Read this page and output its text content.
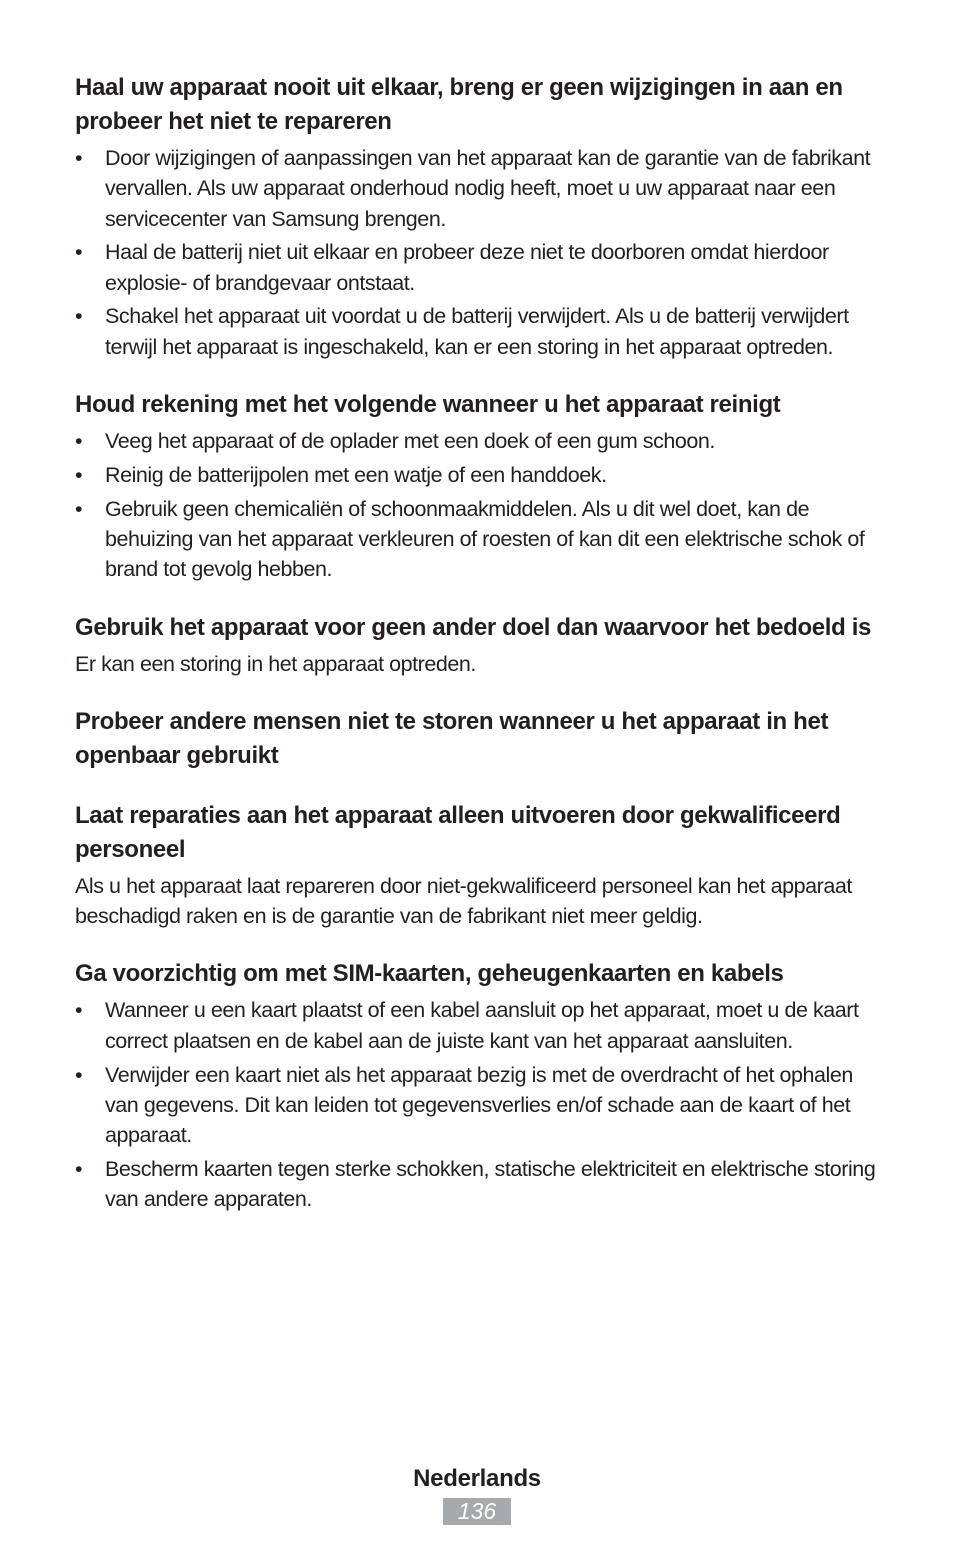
Haal uw apparaat nooit uit elkaar, breng er geen wijzigingen in aan en probeer het niet te repareren
• Door wijzigingen of aanpassingen van het apparaat kan de garantie van de fabrikant vervallen. Als uw apparaat onderhoud nodig heeft, moet u uw apparaat naar een servicecenter van Samsung brengen.
• Haal de batterij niet uit elkaar en probeer deze niet te doorboren omdat hierdoor explosie- of brandgevaar ontstaat.
• Schakel het apparaat uit voordat u de batterij verwijdert. Als u de batterij verwijdert terwijl het apparaat is ingeschakeld, kan er een storing in het apparaat optreden.
Houd rekening met het volgende wanneer u het apparaat reinigt
• Veeg het apparaat of de oplader met een doek of een gum schoon.
• Reinig de batterijpolen met een watje of een handdoek.
• Gebruik geen chemicaliën of schoonmaakmiddelen. Als u dit wel doet, kan de behuizing van het apparaat verkleuren of roesten of kan dit een elektrische schok of brand tot gevolg hebben.
Gebruik het apparaat voor geen ander doel dan waarvoor het bedoeld is

Er kan een storing in het apparaat optreden.

Probeer andere mensen niet te storen wanneer u het apparaat in het openbaar gebruikt
Laat reparaties aan het apparaat alleen uitvoeren door gekwalificeerd personeel

Als u het apparaat laat repareren door niet-gekwalificeerd personeel kan het apparaat beschadigd raken en is de garantie van de fabrikant niet meer geldig.

Ga voorzichtig om met SIM-kaarten, geheugenkaarten en kabels
• Wanneer u een kaart plaatst of een kabel aansluit op het apparaat, moet u de kaart correct plaatsen en de kabel aan de juiste kant van het apparaat aansluiten.
• Verwijder een kaart niet als het apparaat bezig is met de overdracht of het ophalen van gegevens. Dit kan leiden tot gegevensverlies en/of schade aan de kaart of het apparaat.
• Bescherm kaarten tegen sterke schokken, statische elektriciteit en elektrische storing van andere apparaten.
Nederlands
136
